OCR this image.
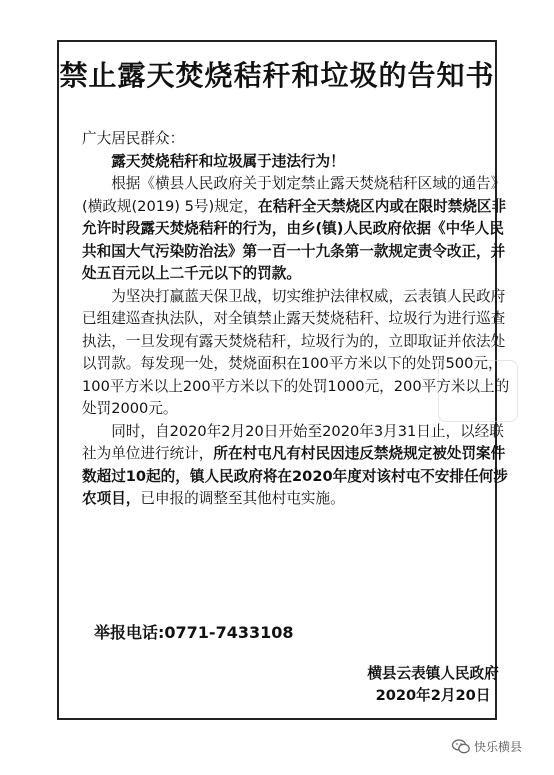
禁止露天焚烧秸秆和垃圾的告知书

广大居民群众：

露天焚烧秸秆和垃圾属于违法行为！

根据《横县人民政府关于划定禁止露天焚烧秸秆区域的通告》(横政规(2019) 5号)规定，在秸秆全天禁烧区内或在限时禁烧区非允许时段露天焚烧秸秆的行为，由乡(镇)人民政府依据《中华人民共和国大气污染防治法》第一百一十九条第一款规定责令改正，并处五百元以上二千元以下的罚款。

为坚决打赢蓝天保卫战，切实维护法律权威，云表镇人民政府已组建巡查执法队，对全镇禁止露天焚烧秸秆、垃圾行为进行巡查执法，一旦发现有露天焚烧秸秆，垃圾行为的，立即取证并依法处以罚款。每发现一处，焚烧面积在100平方米以下的处罚500元，100平方米以上200平方米以下的处罚1000元，200平方米以上的处罚2000元。

同时，自2020年2月20日开始至2020年3月31日止，以经联社为单位进行统计，所在村屯凡有村民因违反禁烧规定被处罚案件数超过10起的，镇人民政府将在2020年度对该村屯不安排任何涉农项目，已申报的调整至其他村屯实施。

举报电话:0771-7433108
横县云表镇人民政府
2020年2月20日
快乐横县
